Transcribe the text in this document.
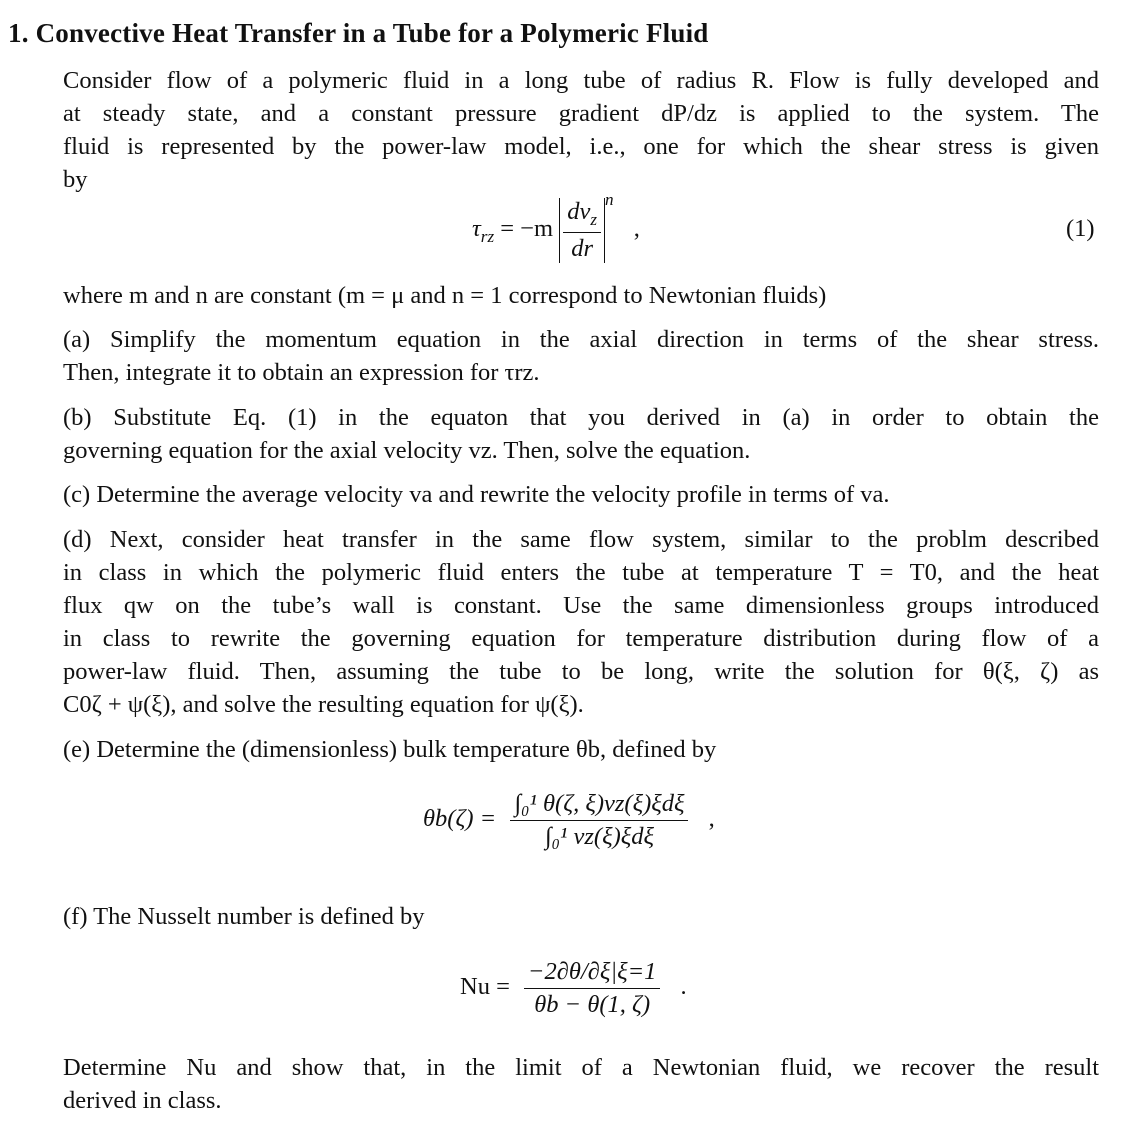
1. Convective Heat Transfer in a Tube for a Polymeric Fluid
Consider flow of a polymeric fluid in a long tube of radius R. Flow is fully developed and
at steady state, and a constant pressure gradient dP/dz is applied to the system. The
fluid is represented by the power-law model, i.e., one for which the shear stress is given
by
$\tau_{rz} = -m \frac{dv_z}{dr} ^n$ ,	(1)
where m and n are constant (m = μ and n = 1 correspond to Newtonian fluids)
(a) Simplify the momentum equation in the axial direction in terms of the shear stress.
Then, integrate it to obtain an expression for τrz.
(b) Substitute Eq. (1) in the equaton that you derived in (a) in order to obtain the
governing equation for the axial velocity vz. Then, solve the equation.
(c) Determine the average velocity va and rewrite the velocity profile in terms of va.
(d) Next, consider heat transfer in the same flow system, similar to the problm described
in class in which the polymeric fluid enters the tube at temperature T = T0, and the heat
flux qw on the tube’s wall is constant. Use the same dimensionless groups introduced
in class to rewrite the governing equation for temperature distribution during flow of a
power-law fluid. Then, assuming the tube to be long, write the solution for θ(ξ, ζ) as
C0ζ + ψ(ξ), and solve the resulting equation for ψ(ξ).
(e) Determine the (dimensionless) bulk temperature θb, defined by
$\theta b(\zeta) = \frac{\text{∫₀¹ θ(ζ, ξ)vz(ξ)ξdξ}}{\text{∫₀¹ vz(ξ)ξdξ}}$ ,
(f) The Nusselt number is defined by
$Nu = \frac{-2\partial\theta/\partial\xi|\xi=1}{\theta b - \theta(1, \zeta)}$ .
Determine Nu and show that, in the limit of a Newtonian fluid, we recover the result
derived in class.
